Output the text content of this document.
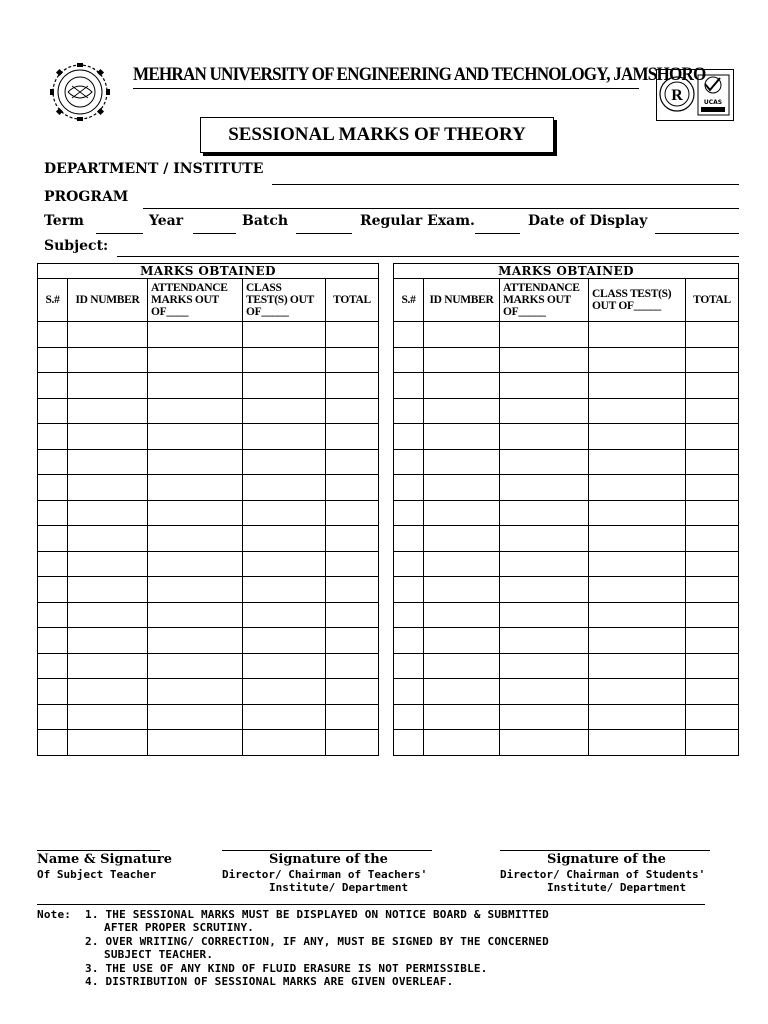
MEHRAN UNIVERSITY OF ENGINEERING AND TECHNOLOGY, JAMSHORO
R	UCAS
SESSIONAL MARKS OF THEORY
DEPARTMENT / INSTITUTE
PROGRAM
Term	Year	Batch	Regular Exam.	Date of Display
Subject:
MARKS OBTAINED				
S.#	ID NUMBER	ATTENDANCE MARKS OUT OF____	CLASS TEST(S) OUT OF_____	TOTAL

MARKS OBTAINED				
S.#	ID NUMBER	ATTENDANCE MARKS OUT OF_____	CLASS TEST(S) OUT OF_____	TOTAL

Name & Signature
Of Subject Teacher
Signature of the
Director/ Chairman of Teachers'
Institute/ Department
Signature of the
Director/ Chairman of Students'
Institute/ Department
Note: 1. THE SESSIONAL MARKS MUST BE DISPLAYED ON NOTICE BOARD & SUBMITTED
AFTER PROPER SCRUTINY.
2. OVER WRITING/ CORRECTION, IF ANY, MUST BE SIGNED BY THE CONCERNED
SUBJECT TEACHER.
3. THE USE OF ANY KIND OF FLUID ERASURE IS NOT PERMISSIBLE.
4. DISTRIBUTION OF SESSIONAL MARKS ARE GIVEN OVERLEAF.
